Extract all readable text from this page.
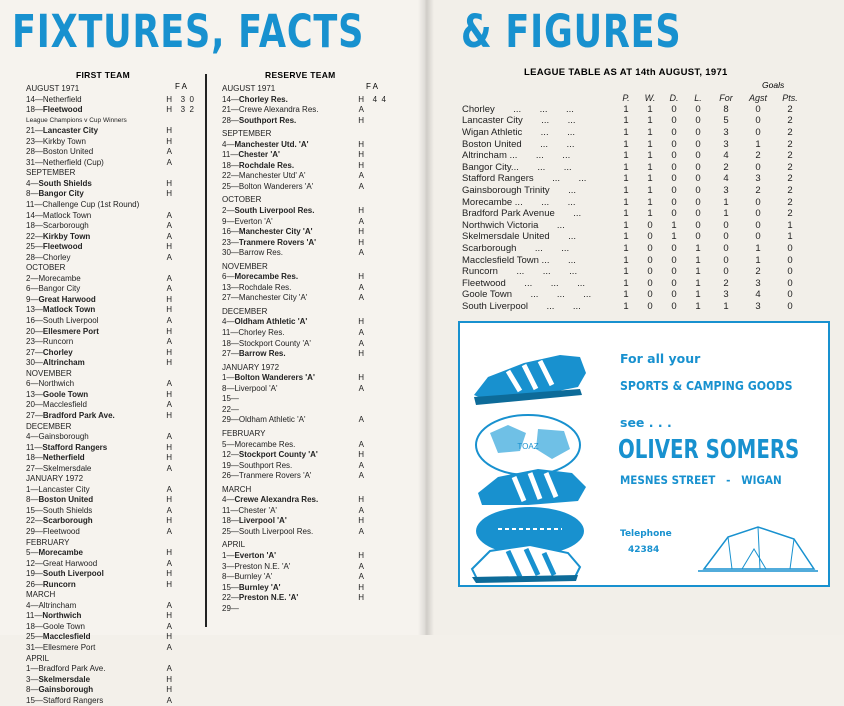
FIXTURES, FACTS & FIGURES
FIRST TEAM
F A
AUGUST 1971
14 — Netherfield	H	3  0
18 — Fleetwood	H	3  2
League Champions v Cup Winners
21 — Lancaster City	H
23 — Kirkby Town	H
28 — Boston United	A
31 — Netherfield (Cup)	A
SEPTEMBER
4 — South Shields	H
8 — Bangor City	H
11 — Challenge Cup (1st Round)
14 — Matlock Town	A
18 — Scarborough	A
22 — Kirkby Town	A
25 — Fleetwood	H
28 — Chorley	A
OCTOBER
2 — Morecambe	A
6 — Bangor City	A
9 — Great Harwood	H
13 — Matlock Town	H
16 — South Liverpool	A
20 — Ellesmere Port	H
23 — Runcorn	A
27 — Chorley	H
30 — Altrincham	H
NOVEMBER
6 — Northwich	A
13 — Goole Town	H
20 — Macclesfield	A
27 — Bradford Park Ave.	H
DECEMBER
4 — Gainsborough	A
11 — Stafford Rangers	H
18 — Netherfield	H
27 — Skelmersdale	A
JANUARY 1972
1 — Lancaster City	A
8 — Boston United	H
15 — South Shields	A
22 — Scarborough	H
29 — Fleetwood	A
FEBRUARY
5 — Morecambe	H
12 — Great Harwood	A
19 — South Liverpool	H
26 — Runcorn	H
MARCH
4 — Altrincham	A
11 — Northwich	H
18 — Goole Town	A
25 — Macclesfield	H
31 — Ellesmere Port	A
APRIL
1 — Bradford Park Ave.	A
3 — Skelmersdale	H
8 — Gainsborough	H
15 — Stafford Rangers	A
RESERVE TEAM
F A
AUGUST 1971
14 — Chorley Res.	H	4  4
21 — Crewe Alexandra Res.	A
28 — Southport Res.	H
SEPTEMBER
4 — Manchester Utd. 'A'	H
11 — Chester 'A'	H
18 — Rochdale Res.	H
22 — Manchester Utd' A'	A
25 — Bolton Wanderers 'A'	A
OCTOBER
2 — South Liverpool Res.	H
9 — Everton 'A'	A
16 — Manchester City 'A'	H
23 — Tranmere Rovers 'A'	H
30 — Barrow Res.	A
NOVEMBER
6 — Morecambe Res.	H
13 — Rochdale Res.	A
27 — Manchester City 'A'	A
DECEMBER
4 — Oldham Athletic 'A'	H
11 — Chorley Res.	A
18 — Stockport County 'A'	A
27 — Barrow Res.	H
JANUARY 1972
1 — Bolton Wanderers 'A'	H
8 — Liverpool 'A'	A
15 —
22 —
29 — Oldham Athletic 'A'	A
FEBRUARY
5 — Morecambe Res.	A
12 — Stockport County 'A'	H
19 — Southport Res.	A
26 — Tranmere Rovers 'A'	A
MARCH
4 — Crewe Alexandra Res.	H
11 — Chester 'A'	A
18 — Liverpool 'A'	H
25 — South Liverpool Res.	A
APRIL
1 — Everton 'A'	H
3 — Preston N.E. 'A'	A
8 — Burnley 'A'	A
15 — Burnley 'A'	H
22 — Preston N.E. 'A'	H
29 —
LEAGUE TABLE AS AT 14th AUGUST, 1971
Goals
P.	W.	D.	L.	For	Agst	Pts.
Chorley       ...       ...       ...	1	1	0	0	8	0	2
Lancaster City       ...       ...	1	1	0	0	5	0	2
Wigan Athletic       ...       ...	1	1	0	0	3	0	2
Boston United       ...       ...	1	1	0	0	3	1	2
Altrincham ...       ...       ...	1	1	0	0	4	2	2
Bangor City...       ...       ...	1	1	0	0	2	0	2
Stafford Rangers       ...       ...	1	1	0	0	4	3	2
Gainsborough Trinity       ...	1	1	0	0	3	2	2
Morecambe ...       ...       ...	1	1	0	0	1	0	2
Bradford Park Avenue       ...	1	1	0	0	1	0	2
Northwich Victoria       ...	1	0	1	0	0	0	1
Skelmersdale United       ...	1	0	1	0	0	0	1
Scarborough       ...       ...	1	0	0	1	0	1	0
Macclesfield Town ...       ...	1	0	0	1	0	1	0
Runcorn       ...       ...       ...	1	0	0	1	0	2	0
Fleetwood       ...       ...       ...	1	0	0	1	2	3	0
Goole Town       ...       ...       ...	1	0	0	1	3	4	0
South Liverpool       ...       ...	1	0	0	1	1	3	0
TOAZ
For all your
SPORTS & CAMPING GOODS
see . . .
OLIVER SOMERS
MESNES STREET   -   WIGAN
Telephone
42384
